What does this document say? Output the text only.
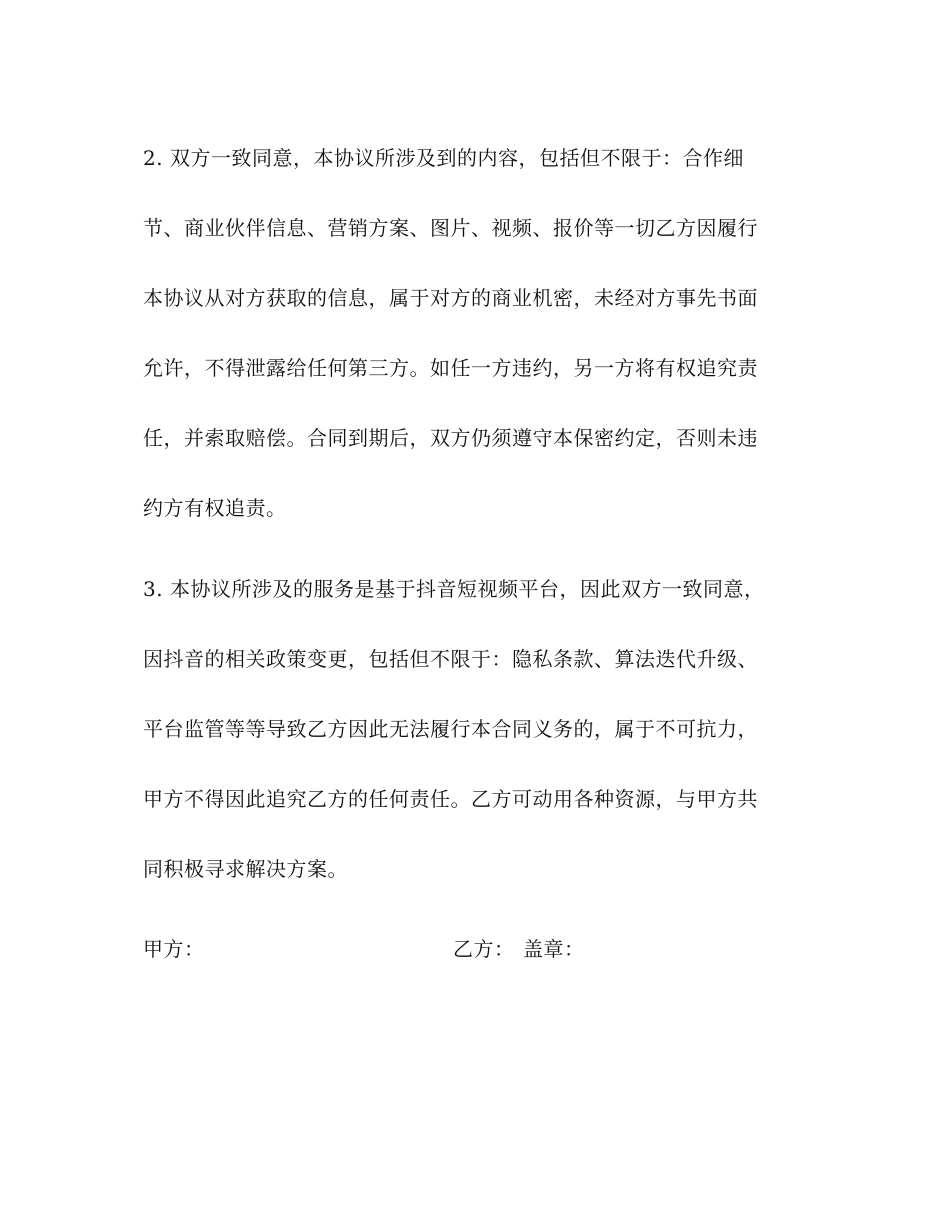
2. 双方一致同意，本协议所涉及到的内容，包括但不限于：合作细
节、商业伙伴信息、营销方案、图片、视频、报价等一切乙方因履行
本协议从对方获取的信息，属于对方的商业机密，未经对方事先书面
允许，不得泄露给任何第三方。如任一方违约，另一方将有权追究责
任，并索取赔偿。合同到期后，双方仍须遵守本保密约定，否则未违
约方有权追责。
3. 本协议所涉及的服务是基于抖音短视频平台，因此双方一致同意，
因抖音的相关政策变更，包括但不限于：隐私条款、算法迭代升级、
平台监管等等导致乙方因此无法履行本合同义务的，属于不可抗力，
甲方不得因此追究乙方的任何责任。乙方可动用各种资源，与甲方共
同积极寻求解决方案。
甲方：	乙方： 盖章：
